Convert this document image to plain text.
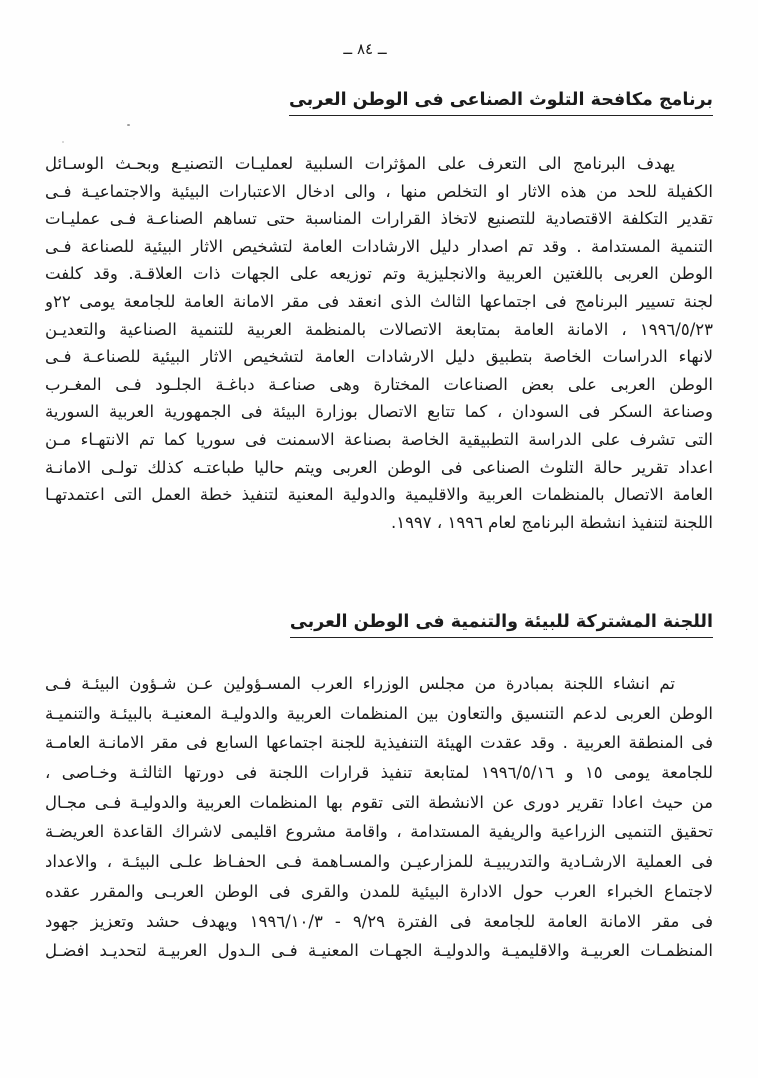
ــ ٨٤ ــ
برنامج مكافحة التلوث الصناعى فى الوطن العربى
يهدف البرنامج الى التعرف على المؤثرات السلبية لعمليـات التصنيـع وبحـث الوسـائل
الكفيلة للحد من هذه الاثار او التخلص منها ، والى ادخال الاعتبارات البيئية والاجتماعيـة فـى
تقدير التكلفة الاقتصادية للتصنيع لاتخاذ القرارات المناسبة حتى تساهم الصناعـة فـى عمليـات
التنمية المستدامة . وقد تم اصدار دليل الارشادات العامة لتشخيص الاثار البيئية للصناعة فـى
الوطن العربى باللغتين العربية والانجليزية وتم توزيعه على الجهات ذات العلاقـة. وقد كلفت
لجنة تسيير البرنامج فى اجتماعها الثالث الذى انعقد فى مقر الامانة العامة للجامعة يومى ٢٢و
١٩٩٦/٥/٢٣ ، الامانة العامة بمتابعة الاتصالات بالمنظمة العربية للتنمية الصناعية والتعديـن
لانهاء الدراسات الخاصة بتطبيق دليل الارشادات العامة لتشخيص الاثار البيئية للصناعـة فـى
الوطن العربى على بعض الصناعات المختارة وهى صناعـة دباغـة الجلـود فـى المغـرب
وصناعة السكر فى السودان ، كما تتابع الاتصال بوزارة البيئة فى الجمهورية العربية السورية
التى تشرف على الدراسة التطبيقية الخاصة بصناعة الاسمنت فى سوريا كما تم الانتهـاء مـن
اعداد تقرير حالة التلوث الصناعى فى الوطن العربى ويتم حاليا طباعتـه كذلك تولـى الامانـة
العامة الاتصال بالمنظمات العربية والاقليمية والدولية المعنية لتنفيذ خطة العمل التى اعتمدتهـا
اللجنة لتنفيذ انشطة البرنامج لعام ١٩٩٦ ، ١٩٩٧.
اللجنة المشتركة للبيئة والتنمية فى الوطن العربى
تم انشاء اللجنة بمبادرة من مجلس الوزراء العرب المسـؤولين عـن شـؤون البيئـة فـى
الوطن العربى لدعم التنسيق والتعاون بين المنظمات العربية والدوليـة المعنيـة بالبيئـة والتنميـة
فى المنطقة العربية . وقد عقدت الهيئة التنفيذية للجنة اجتماعها السابع فى مقر الامانـة العامـة
للجامعة يومى ١٥ و ١٩٩٦/٥/١٦ لمتابعة تنفيذ قرارات اللجنة فى دورتها الثالثـة وخـاصى ،
من حيث اعادا تقرير دورى عن الانشطة التى تقوم بها المنظمات العربية والدوليـة فـى مجـال
تحقيق التنميى الزراعية والريفية المستدامة ، واقامة مشروع اقليمى لاشراك القاعدة العريضـة
فى العملية الارشـادية والتدريبيـة للمزارعيـن والمسـاهمة فـى الحفـاظ علـى البيئـة ، والاعداد
لاجتماع الخبراء العرب حول الادارة البيئية للمدن والقرى فى الوطن العربـى والمقرر عقده
فى مقر الامانة العامة للجامعة فى الفترة ٩/٢٩ - ١٩٩٦/١٠/٣ ويهدف حشد وتعزيز جهود
المنظمـات العربيـة والاقليميـة والدوليـة الجهـات المعنيـة فـى الـدول العربيـة لتحديـد افضـل
